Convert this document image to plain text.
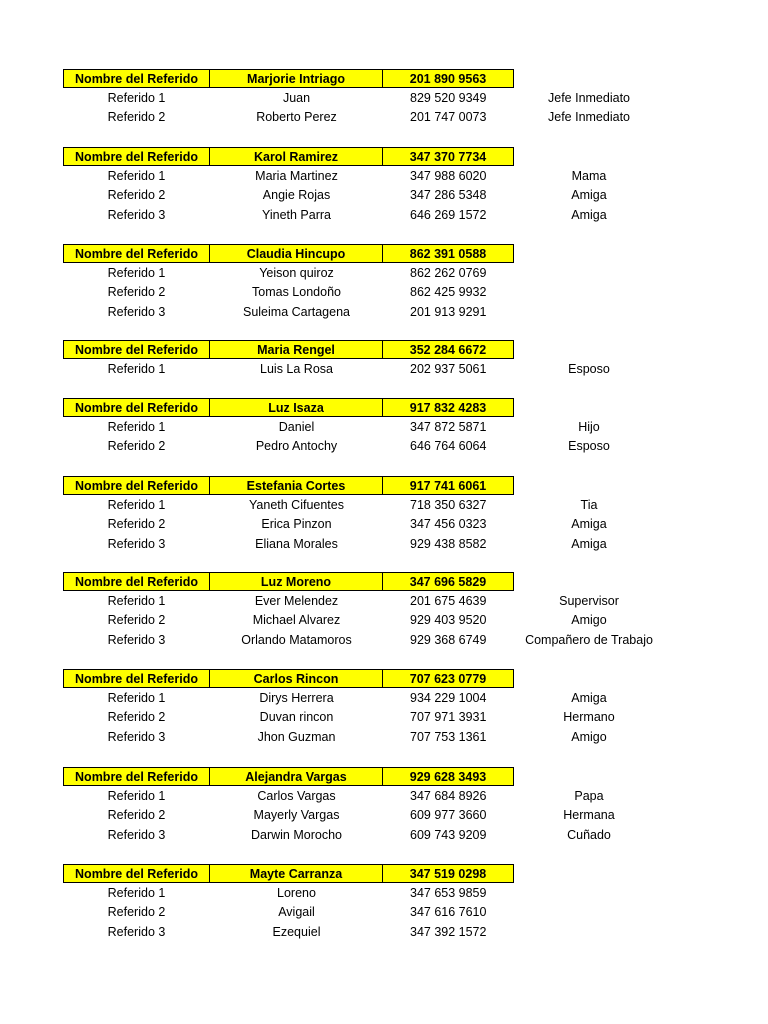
Nombre del Referido	Marjorie Intriago	201 890 9563
Referido 1	Juan	829 520 9349	Jefe Inmediato
Referido 2	Roberto Perez	201 747 0073	Jefe Inmediato
Nombre del Referido	Karol Ramirez	347 370 7734
Referido 1	Maria Martinez	347 988 6020	Mama
Referido 2	Angie Rojas	347 286 5348	Amiga
Referido 3	Yineth Parra	646 269 1572	Amiga
Nombre del Referido	Claudia Hincupo	862 391 0588
Referido 1	Yeison quiroz	862 262 0769
Referido 2	Tomas Londoño	862 425 9932
Referido 3	Suleima Cartagena	201 913 9291
Nombre del Referido	Maria Rengel	352 284 6672
Referido 1	Luis La Rosa	202 937 5061	Esposo
Nombre del Referido	Luz Isaza	917 832 4283
Referido 1	Daniel	347 872 5871	Hijo
Referido 2	Pedro Antochy	646 764 6064	Esposo
Nombre del Referido	Estefania Cortes	917 741 6061
Referido 1	Yaneth Cifuentes	718 350 6327	Tia
Referido 2	Erica Pinzon	347 456 0323	Amiga
Referido 3	Eliana Morales	929 438 8582	Amiga
Nombre del Referido	Luz Moreno	347 696 5829
Referido 1	Ever Melendez	201 675 4639	Supervisor
Referido 2	Michael Alvarez	929 403 9520	Amigo
Referido 3	Orlando Matamoros	929 368 6749	Compañero de Trabajo
Nombre del Referido	Carlos Rincon	707 623 0779
Referido 1	Dirys Herrera	934 229 1004	Amiga
Referido 2	Duvan rincon	707 971 3931	Hermano
Referido 3	Jhon Guzman	707 753 1361	Amigo
Nombre del Referido	Alejandra Vargas	929 628 3493
Referido 1	Carlos Vargas	347 684 8926	Papa
Referido 2	Mayerly Vargas	609 977 3660	Hermana
Referido 3	Darwin Morocho	609 743 9209	Cuñado
Nombre del Referido	Mayte Carranza	347 519 0298
Referido 1	Loreno	347 653 9859
Referido 2	Avigail	347 616 7610
Referido 3	Ezequiel	347 392 1572
